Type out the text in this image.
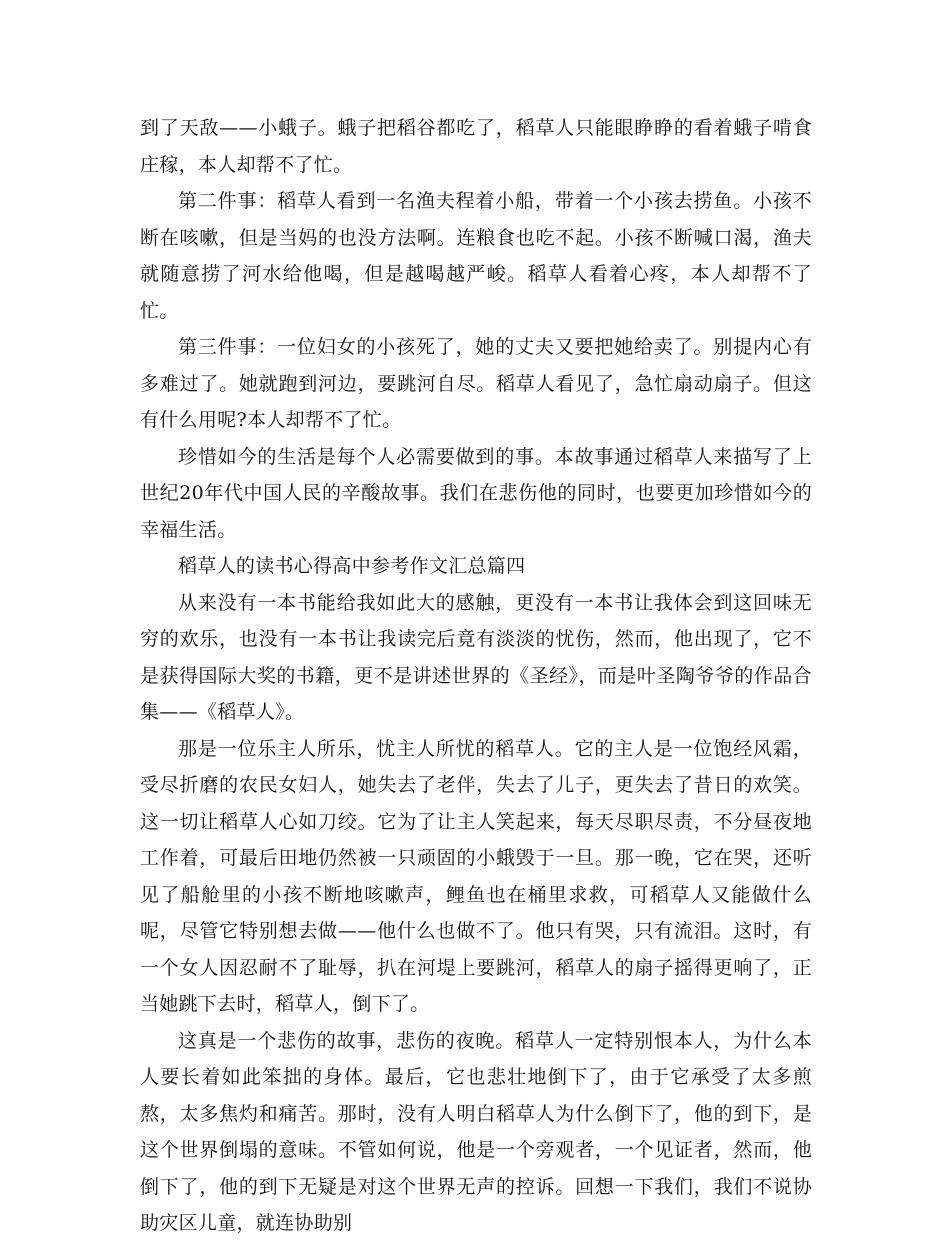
到了天敌——小蛾子。蛾子把稻谷都吃了，稻草人只能眼睁睁的看着蛾子啃食庄稼，本人却帮不了忙。

第二件事：稻草人看到一名渔夫程着小船，带着一个小孩去捞鱼。小孩不断在咳嗽，但是当妈的也没方法啊。连粮食也吃不起。小孩不断喊口渴，渔夫就随意捞了河水给他喝，但是越喝越严峻。稻草人看着心疼，本人却帮不了忙。

第三件事：一位妇女的小孩死了，她的丈夫又要把她给卖了。别提内心有多难过了。她就跑到河边，要跳河自尽。稻草人看见了，急忙扇动扇子。但这有什么用呢?本人却帮不了忙。

珍惜如今的生活是每个人必需要做到的事。本故事通过稻草人来描写了上世纪20年代中国人民的辛酸故事。我们在悲伤他的同时，也要更加珍惜如今的幸福生活。

稻草人的读书心得高中参考作文汇总篇四

从来没有一本书能给我如此大的感触，更没有一本书让我体会到这回味无穷的欢乐，也没有一本书让我读完后竟有淡淡的忧伤，然而，他出现了，它不是获得国际大奖的书籍，更不是讲述世界的《圣经》，而是叶圣陶爷爷的作品合集——《稻草人》。

那是一位乐主人所乐，忧主人所忧的稻草人。它的主人是一位饱经风霜，受尽折磨的农民女妇人，她失去了老伴，失去了儿子，更失去了昔日的欢笑。这一切让稻草人心如刀绞。它为了让主人笑起来，每天尽职尽责，不分昼夜地工作着，可最后田地仍然被一只顽固的小蛾毁于一旦。那一晚，它在哭，还听见了船舱里的小孩不断地咳嗽声，鲤鱼也在桶里求救，可稻草人又能做什么呢，尽管它特别想去做——他什么也做不了。他只有哭，只有流泪。这时，有一个女人因忍耐不了耻辱，扒在河堤上要跳河，稻草人的扇子摇得更响了，正当她跳下去时，稻草人，倒下了。

这真是一个悲伤的故事，悲伤的夜晚。稻草人一定特别恨本人，为什么本人要长着如此笨拙的身体。最后，它也悲壮地倒下了，由于它承受了太多煎熬，太多焦灼和痛苦。那时，没有人明白稻草人为什么倒下了，他的到下，是这个世界倒塌的意味。不管如何说，他是一个旁观者，一个见证者，然而，他倒下了，他的到下无疑是对这个世界无声的控诉。回想一下我们，我们不说协助灾区儿童，就连协助别
